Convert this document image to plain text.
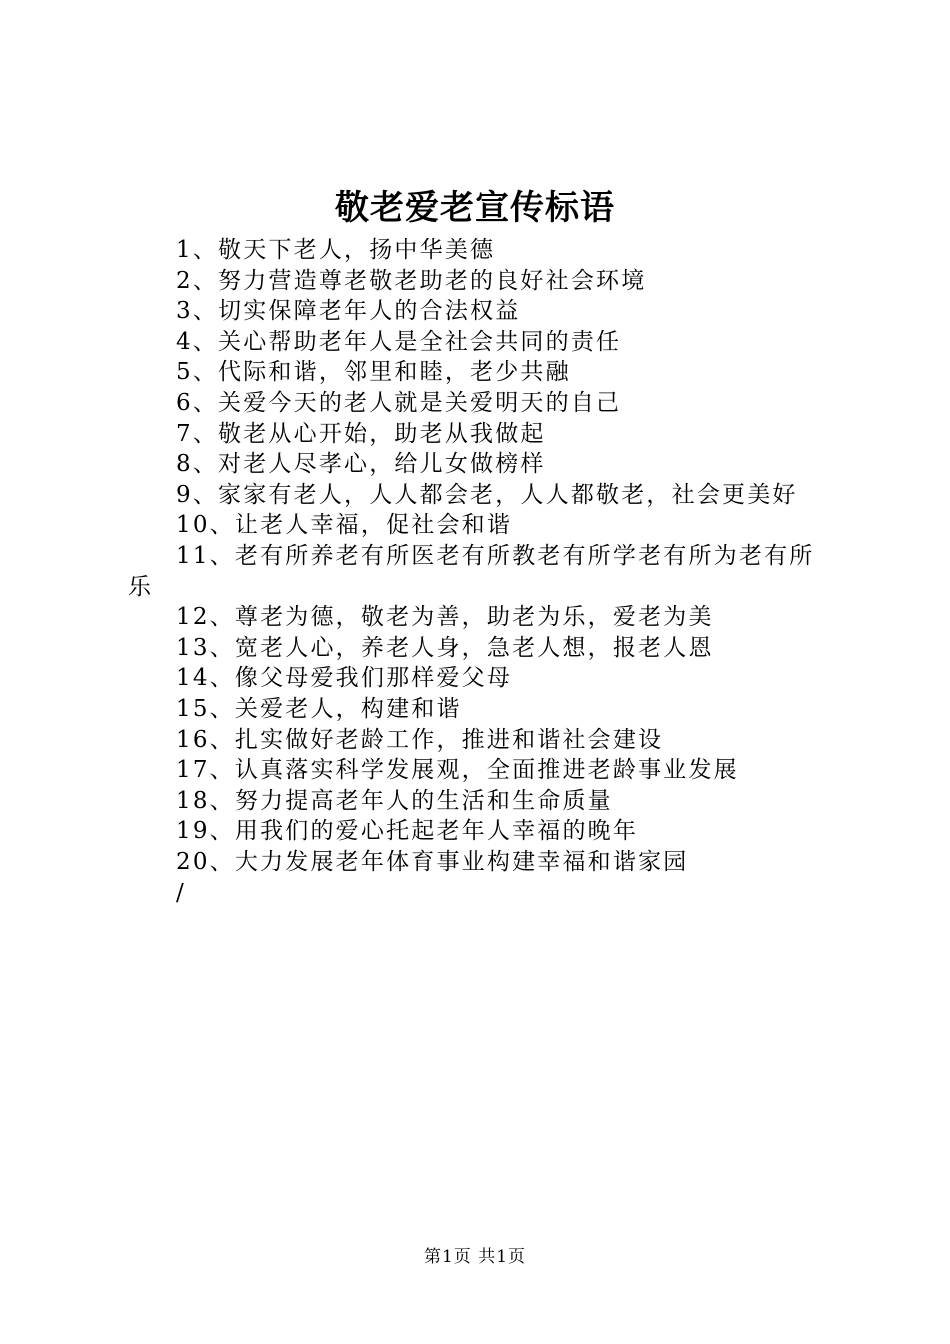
敬老爱老宣传标语
1、敬天下老人，扬中华美德
2、努力营造尊老敬老助老的良好社会环境
3、切实保障老年人的合法权益
4、关心帮助老年人是全社会共同的责任
5、代际和谐，邻里和睦，老少共融
6、关爱今天的老人就是关爱明天的自己
7、敬老从心开始，助老从我做起
8、对老人尽孝心，给儿女做榜样
9、家家有老人，人人都会老，人人都敬老，社会更美好
10、让老人幸福，促社会和谐
11、老有所养老有所医老有所教老有所学老有所为老有所
乐
12、尊老为德，敬老为善，助老为乐，爱老为美
13、宽老人心，养老人身，急老人想，报老人恩
14、像父母爱我们那样爱父母
15、关爱老人，构建和谐
16、扎实做好老龄工作，推进和谐社会建设
17、认真落实科学发展观，全面推进老龄事业发展
18、努力提高老年人的生活和生命质量
19、用我们的爱心托起老年人幸福的晚年
20、大力发展老年体育事业构建幸福和谐家园
/
第1页 共1页
